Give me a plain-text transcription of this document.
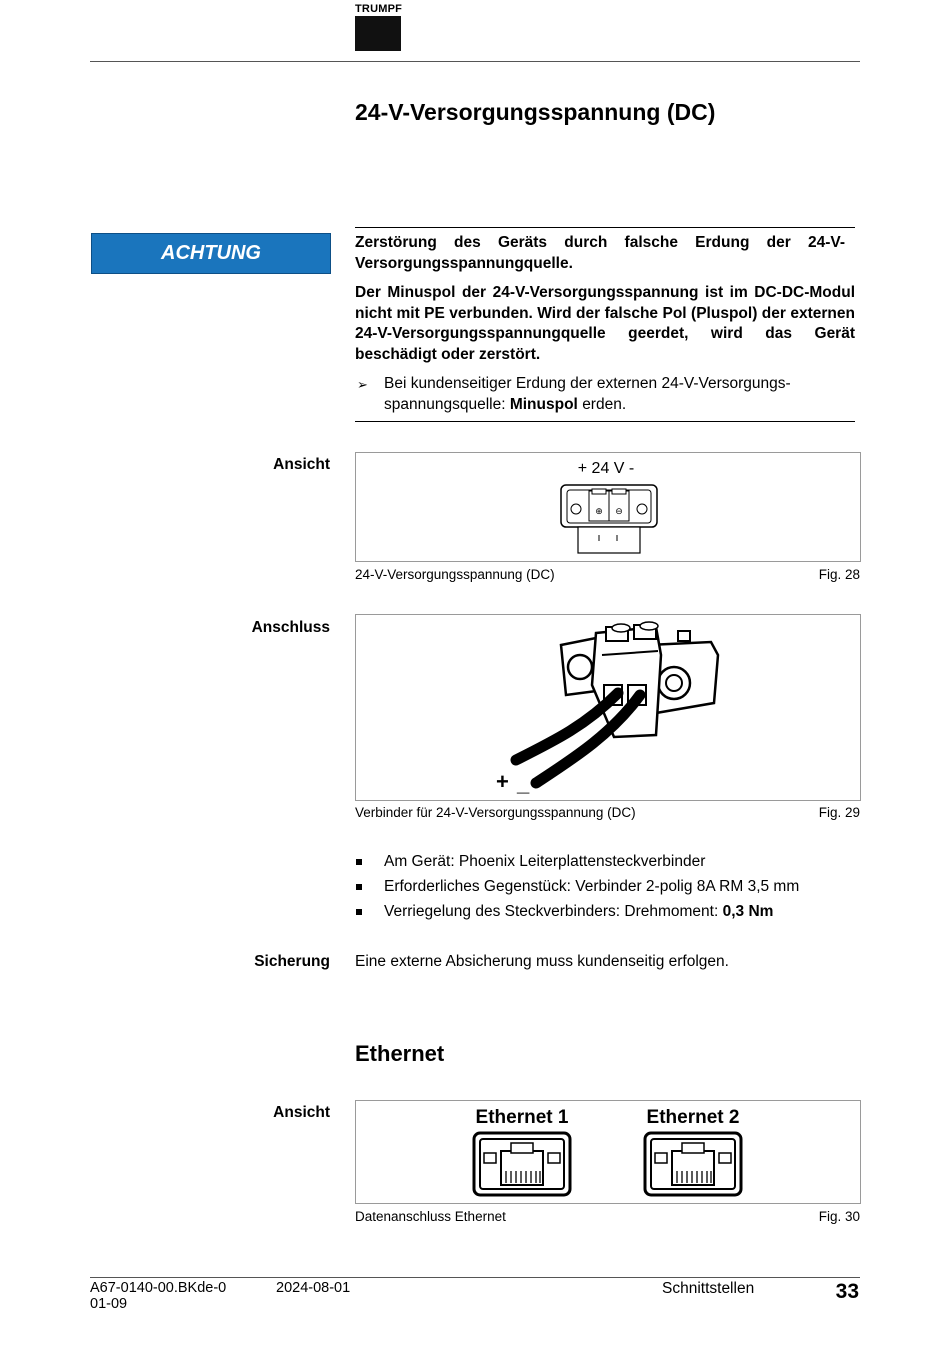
TRUMPF
24-V-Versorgungsspannung (DC)
ACHTUNG	Zerstörung des Geräts durch falsche Erdung der 24-V-Versorgungsspannungquelle.
Der Minuspol der 24-V-Versorgungsspannung ist im DC-DC-Modul nicht mit PE verbunden. Wird der falsche Pol (Pluspol) der externen 24-V-Versorgungsspannungquelle geerdet, wird das Gerät beschädigt oder zerstört.
➢	Bei kundenseitiger Erdung der externen 24-V-Versorgungs-spannungsquelle: Minuspol erden.
Ansicht	+ 24 V -
⊕ ⊖
24-V-Versorgungsspannung (DC)	Fig. 28
Anschluss
+ _
Verbinder für 24-V-Versorgungsspannung (DC)	Fig. 29
Am Gerät: Phoenix Leiterplattensteckverbinder
Erforderliches Gegenstück: Verbinder 2-polig 8A RM 3,5 mm
Verriegelung des Steckverbinders: Drehmoment: 0,3 Nm
Sicherung Eine externe Absicherung muss kundenseitig erfolgen.
Ethernet
Ansicht	Ethernet 1	Ethernet 2
Datenanschluss Ethernet	Fig. 30
A67-0140-00.BKde-0
01-09
2024-08-01	Schnittstellen	33
